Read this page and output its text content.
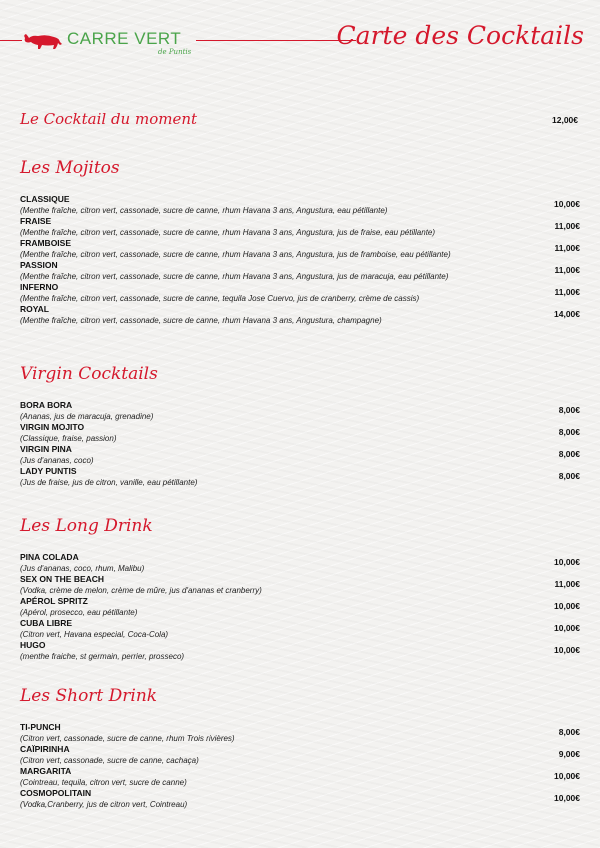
CARRE VERT
de Puntis
Carte des Cocktails
Le Cocktail du moment	12,00€
Les Mojitos
CLASSIQUE
(Menthe fraîche, citron vert, cassonade, sucre de canne, rhum Havana 3 ans, Angustura, eau pétillante)
10,00€
FRAISE
(Menthe fraîche, citron vert, cassonade, sucre de canne, rhum Havana 3 ans, Angustura, jus de fraise, eau pétillante)
11,00€
FRAMBOISE
(Menthe fraîche, citron vert, cassonade, sucre de canne, rhum Havana 3 ans, Angustura, jus de framboise, eau pétillante)
11,00€
PASSION
(Menthe fraîche, citron vert, cassonade, sucre de canne, rhum Havana 3 ans, Angustura, jus de maracuja, eau pétillante)
11,00€
INFERNO
(Menthe fraîche, citron vert, cassonade, sucre de canne, tequila Jose Cuervo, jus de cranberry, crème de cassis)
11,00€
ROYAL
(Menthe fraîche, citron vert, cassonade, sucre de canne, rhum Havana 3 ans, Angustura, champagne)
14,00€
Virgin Cocktails
BORA BORA
(Ananas, jus de maracuja, grenadine)
8,00€
VIRGIN MOJITO
(Classique, fraise, passion)
8,00€
VIRGIN PINA
(Jus d'ananas, coco)
8,00€
LADY PUNTIS
(Jus de fraise, jus de citron, vanille, eau pétillante)
8,00€
Les Long Drink
PINA COLADA
(Jus d'ananas, coco, rhum, Malibu)
10,00€
SEX ON THE BEACH
(Vodka, crème de melon, crème de mûre, jus d'ananas et cranberry)
11,00€
APÉROL SPRITZ
(Apérol, prosecco, eau pétillante)
10,00€
CUBA LIBRE
(Citron vert, Havana especial, Coca-Cola)
10,00€
HUGO
(menthe fraiche, st germain, perrier, prosseco)
10,00€
Les Short Drink
TI-PUNCH
(Citron vert, cassonade, sucre de canne, rhum Trois rivières)
8,00€
CAÏPIRINHA
(Citron vert, cassonade, sucre de canne, cachaça)
9,00€
MARGARITA
(Cointreau, tequila, citron vert, sucre de canne)
10,00€
COSMOPOLITAIN
(Vodka,Cranberry, jus de citron vert, Cointreau)
10,00€
